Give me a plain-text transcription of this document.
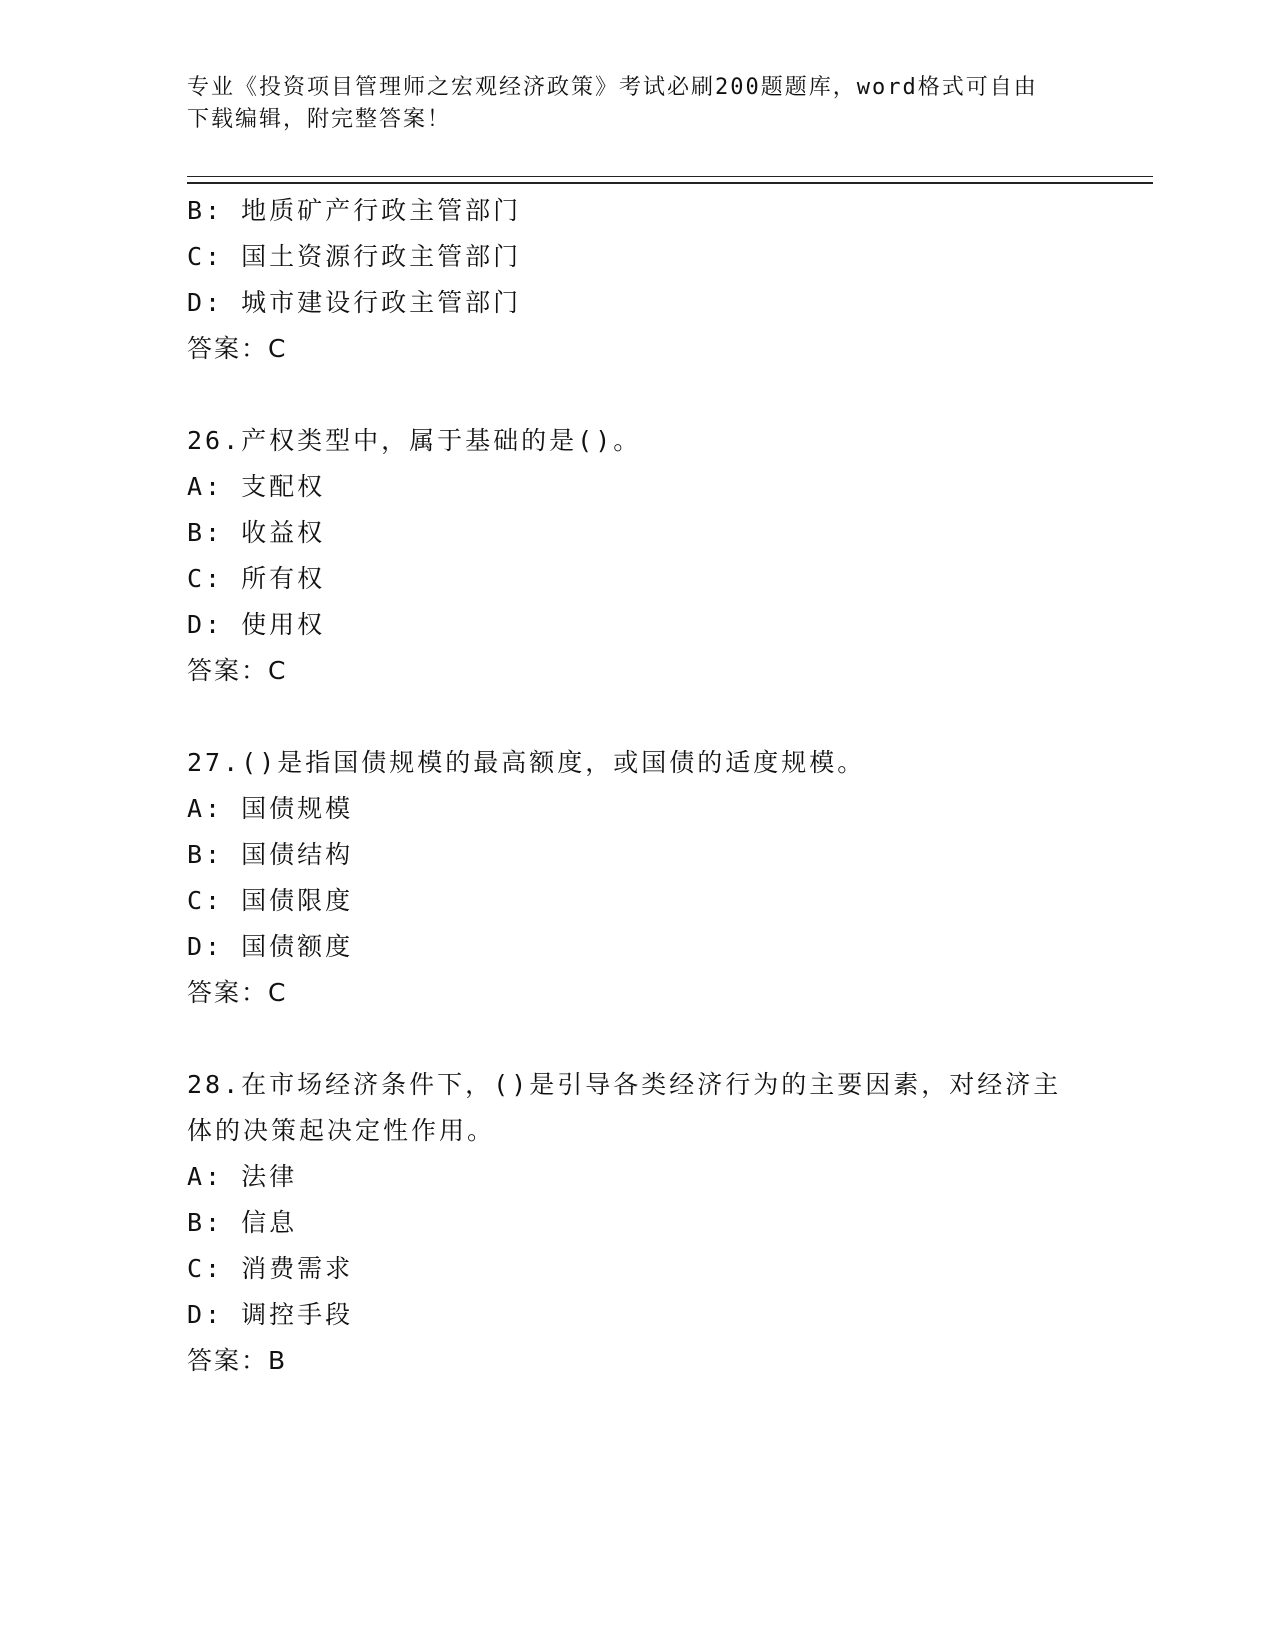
专业《投资项目管理师之宏观经济政策》考试必刷200题题库，word格式可自由
下载编辑，附完整答案！
B: 地质矿产行政主管部门
C: 国土资源行政主管部门
D: 城市建设行政主管部门
答案：C
26.产权类型中，属于基础的是()。
A: 支配权
B: 收益权
C: 所有权
D: 使用权
答案：C
27.()是指国债规模的最高额度，或国债的适度规模。
A: 国债规模
B: 国债结构
C: 国债限度
D: 国债额度
答案：C
28.在市场经济条件下，()是引导各类经济行为的主要因素，对经济主
体的决策起决定性作用。
A: 法律
B: 信息
C: 消费需求
D: 调控手段
答案：B
